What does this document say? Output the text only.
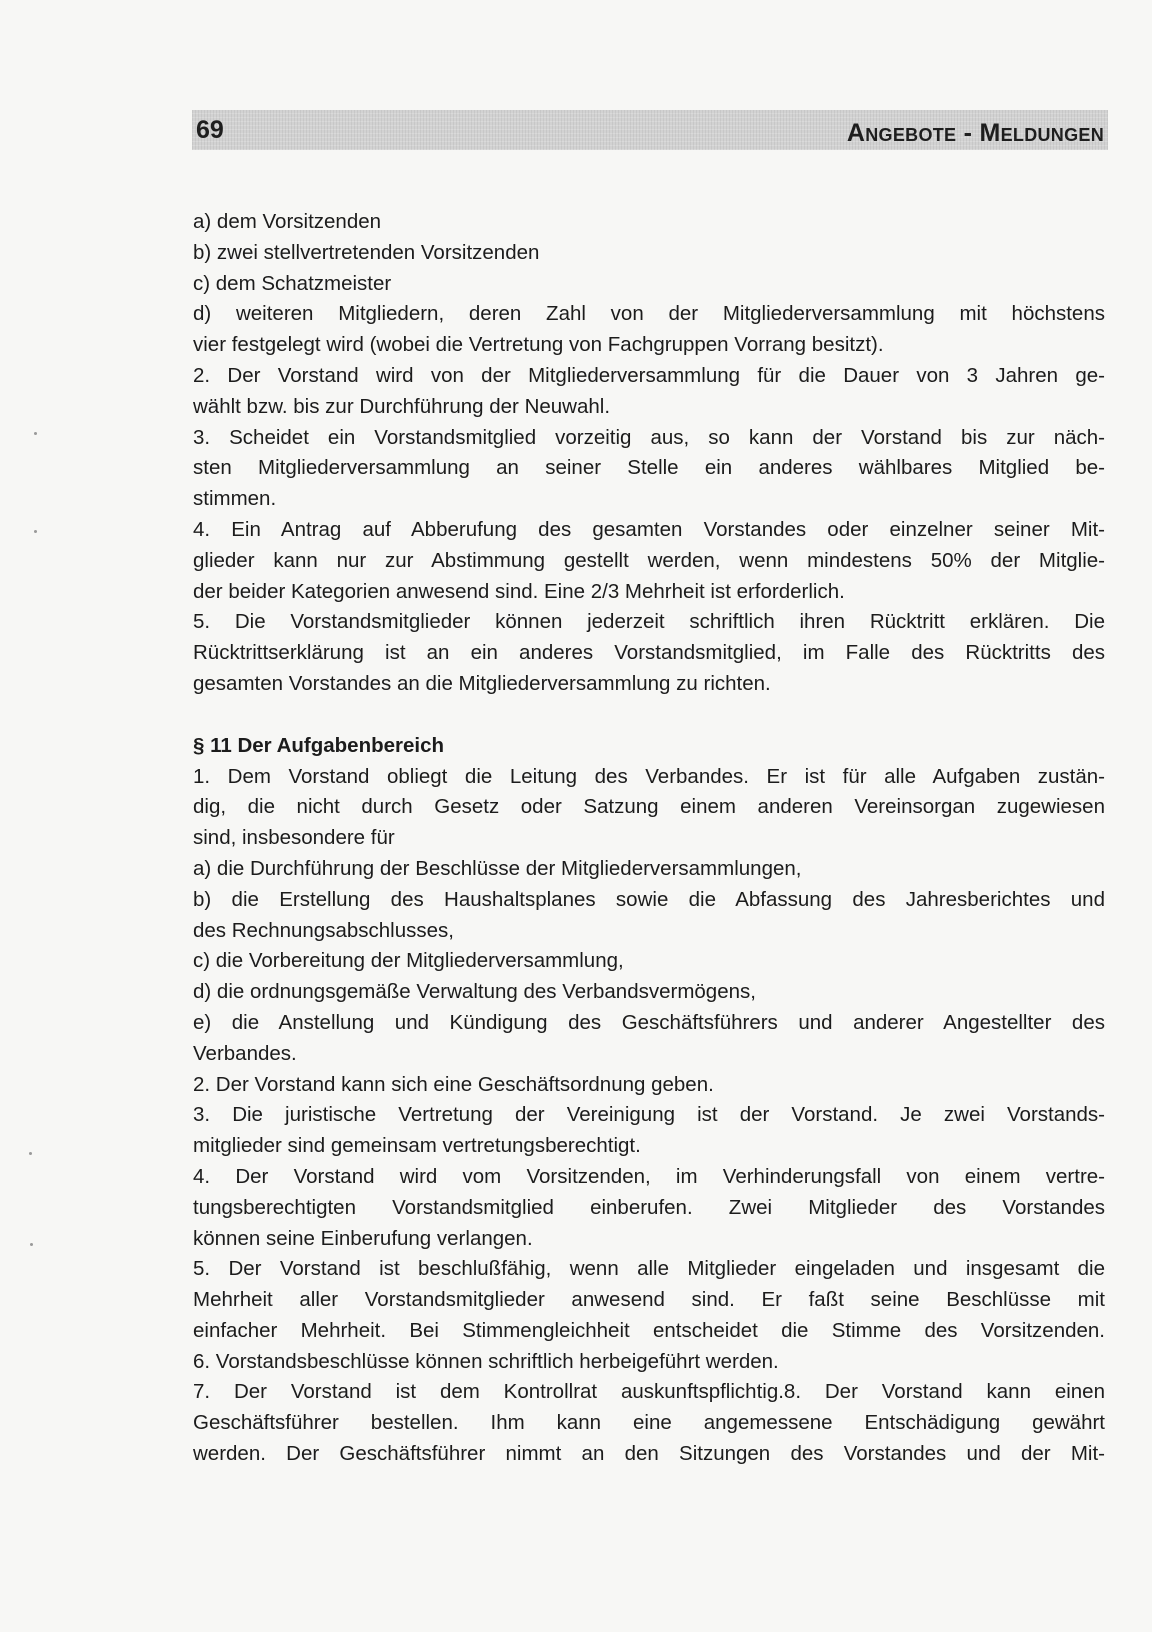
69	Angebote - Meldungen
a) dem Vorsitzenden
b) zwei stellvertretenden Vorsitzenden
c) dem Schatzmeister
d) weiteren Mitgliedern, deren Zahl von der Mitgliederversammlung mit höchstens
vier festgelegt wird (wobei die Vertretung von Fachgruppen Vorrang besitzt).
2. Der Vorstand wird von der Mitgliederversammlung für die Dauer von 3 Jahren ge-
wählt bzw. bis zur Durchführung der Neuwahl.
3. Scheidet ein Vorstandsmitglied vorzeitig aus, so kann der Vorstand bis zur näch-
sten Mitgliederversammlung an seiner Stelle ein anderes wählbares Mitglied be-
stimmen.
4. Ein Antrag auf Abberufung des gesamten Vorstandes oder einzelner seiner Mit-
glieder kann nur zur Abstimmung gestellt werden, wenn mindestens 50% der Mitglie-
der beider Kategorien anwesend sind. Eine 2/3 Mehrheit ist erforderlich.
5. Die Vorstandsmitglieder können jederzeit schriftlich ihren Rücktritt erklären. Die
Rücktrittserklärung ist an ein anderes Vorstandsmitglied, im Falle des Rücktritts des
gesamten Vorstandes an die Mitgliederversammlung zu richten.
§ 11 Der Aufgabenbereich
1. Dem Vorstand obliegt die Leitung des Verbandes. Er ist für alle Aufgaben zustän-
dig, die nicht durch Gesetz oder Satzung einem anderen Vereinsorgan zugewiesen
sind, insbesondere für
a) die Durchführung der Beschlüsse der Mitgliederversammlungen,
b) die Erstellung des Haushaltsplanes sowie die Abfassung des Jahresberichtes und
des Rechnungsabschlusses,
c) die Vorbereitung der Mitgliederversammlung,
d) die ordnungsgemäße Verwaltung des Verbandsvermögens,
e) die Anstellung und Kündigung des Geschäftsführers und anderer Angestellter des
Verbandes.
2. Der Vorstand kann sich eine Geschäftsordnung geben.
3. Die juristische Vertretung der Vereinigung ist der Vorstand. Je zwei Vorstands-
mitglieder sind gemeinsam vertretungsberechtigt.
4. Der Vorstand wird vom Vorsitzenden, im Verhinderungsfall von einem vertre-
tungsberechtigten Vorstandsmitglied einberufen. Zwei Mitglieder des Vorstandes
können seine Einberufung verlangen.
5. Der Vorstand ist beschlußfähig, wenn alle Mitglieder eingeladen und insgesamt die
Mehrheit aller Vorstandsmitglieder anwesend sind. Er faßt seine Beschlüsse mit
einfacher Mehrheit. Bei Stimmengleichheit entscheidet die Stimme des Vorsitzenden.
6. Vorstandsbeschlüsse können schriftlich herbeigeführt werden.
7. Der Vorstand ist dem Kontrollrat auskunftspflichtig.8. Der Vorstand kann einen
Geschäftsführer bestellen. Ihm kann eine angemessene Entschädigung gewährt
werden. Der Geschäftsführer nimmt an den Sitzungen des Vorstandes und der Mit-
